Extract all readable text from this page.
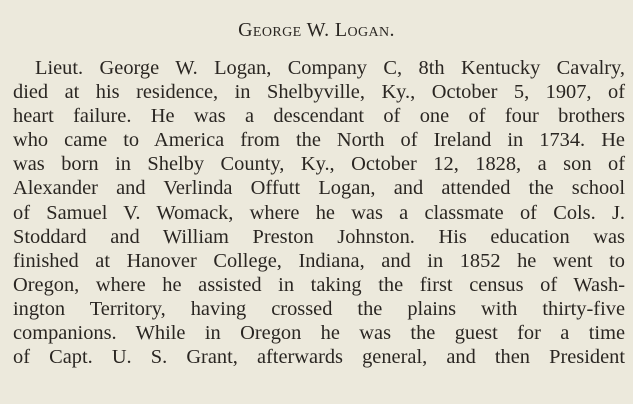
George W. Logan.
Lieut. George W. Logan, Company C, 8th Kentucky Cavalry,
died at his residence, in Shelbyville, Ky., October 5, 1907, of
heart failure. He was a descendant of one of four brothers
who came to America from the North of Ireland in 1734. He
was born in Shelby County, Ky., October 12, 1828, a son of
Alexander and Verlinda Offutt Logan, and attended the school
of Samuel V. Womack, where he was a classmate of Cols. J.
Stoddard and William Preston Johnston. His education was
finished at Hanover College, Indiana, and in 1852 he went to
Oregon, where he assisted in taking the first census of Wash-
ington Territory, having crossed the plains with thirty-five
companions. While in Oregon he was the guest for a time
of Capt. U. S. Grant, afterwards general, and then President
